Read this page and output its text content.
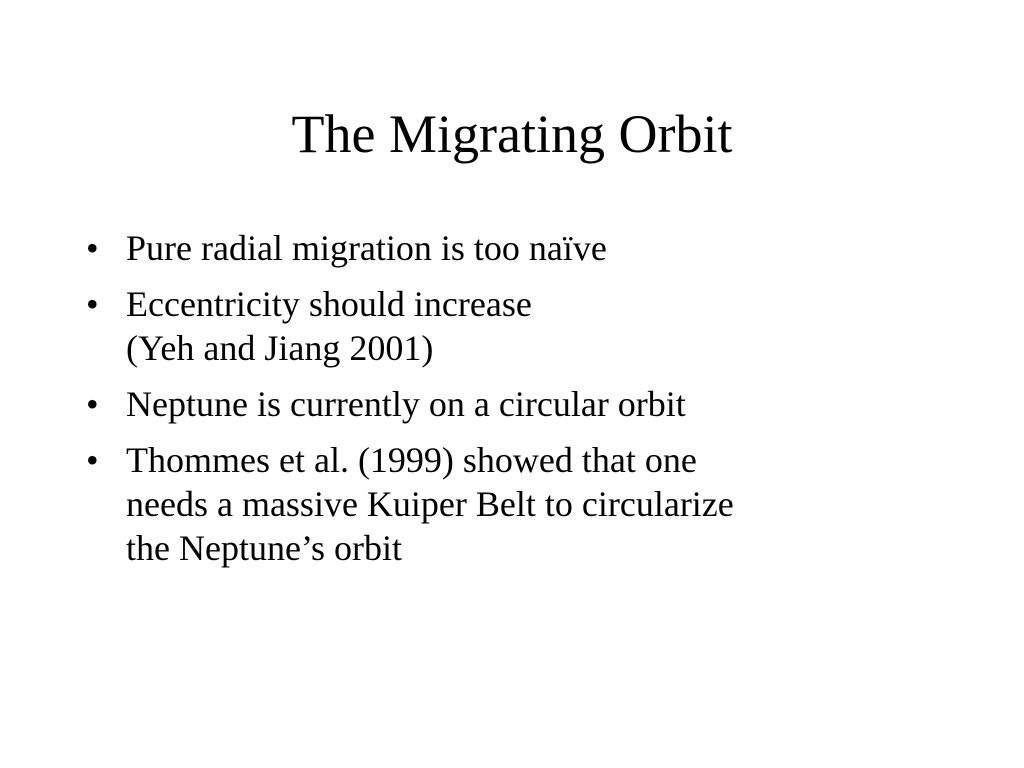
The Migrating Orbit
• Pure radial migration is too naïve
• Eccentricity should increase
(Yeh and Jiang 2001)
• Neptune is currently on a circular orbit
• Thommes et al. (1999) showed that one
needs a massive Kuiper Belt to circularize
the Neptune’s orbit
